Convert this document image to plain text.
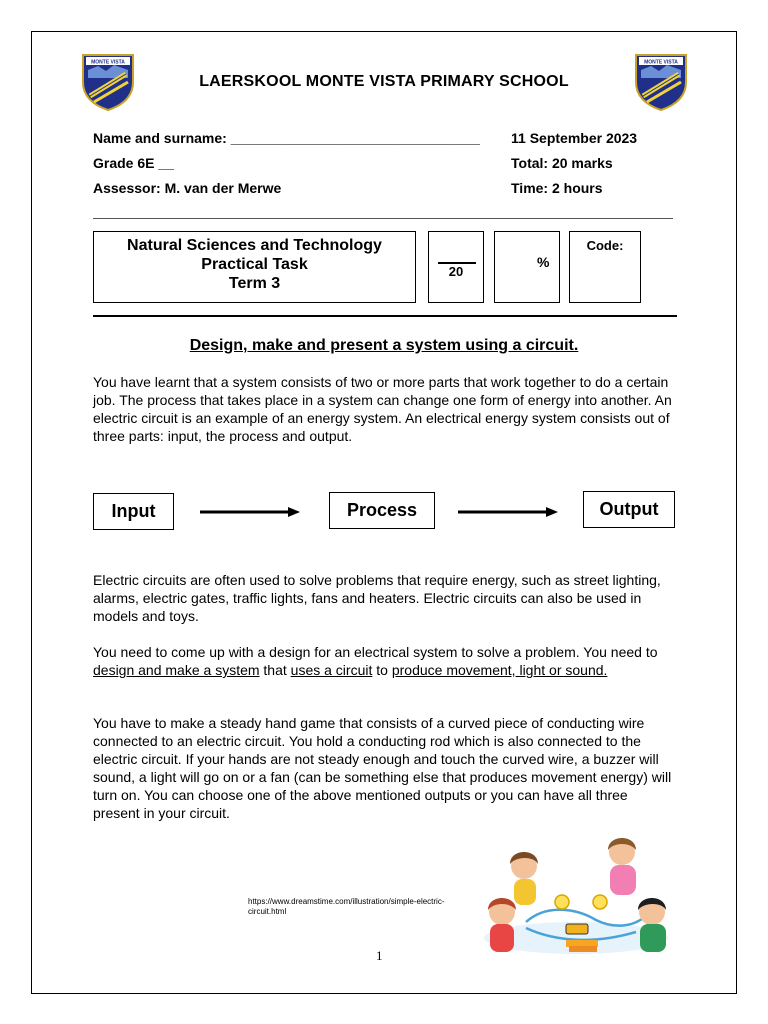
MONTE VISTA	MONTE VISTA
LAERSKOOL MONTE VISTA PRIMARY SCHOOL
Name and surname: ________________________________
Grade 6E __
Assessor: M. van der Merwe
11 September 2023
Total: 20 marks
Time: 2 hours
Natural Sciences and Technology
Practical Task
Term 3
20
%
Code:
Design, make and present a system using a circuit.
You have learnt that a system consists of two or more parts that work together to do a certain job. The process that takes place in a system can change one form of energy into another. An electric circuit is an example of an energy system. An electrical energy system consists out of three parts: input, the process and output.
Input	Process	Output
Electric circuits are often used to solve problems that require energy, such as street lighting, alarms, electric gates, traffic lights, fans and heaters. Electric circuits can also be used in models and toys.
You need to come up with a design for an electrical system to solve a problem. You need to design and make a system that uses a circuit to produce movement, light or sound.
You have to make a steady hand game that consists of a curved piece of conducting wire connected to an electric circuit. You hold a conducting rod which is also connected to the electric circuit. If your hands are not steady enough and touch the curved wire, a buzzer will sound, a light will go on or a fan (can be something else that produces movement energy) will turn on. You can choose one of the above mentioned outputs or you can have all three present in your circuit.
https://www.dreamstime.com/illustration/simple-electric-circuit.html
1
